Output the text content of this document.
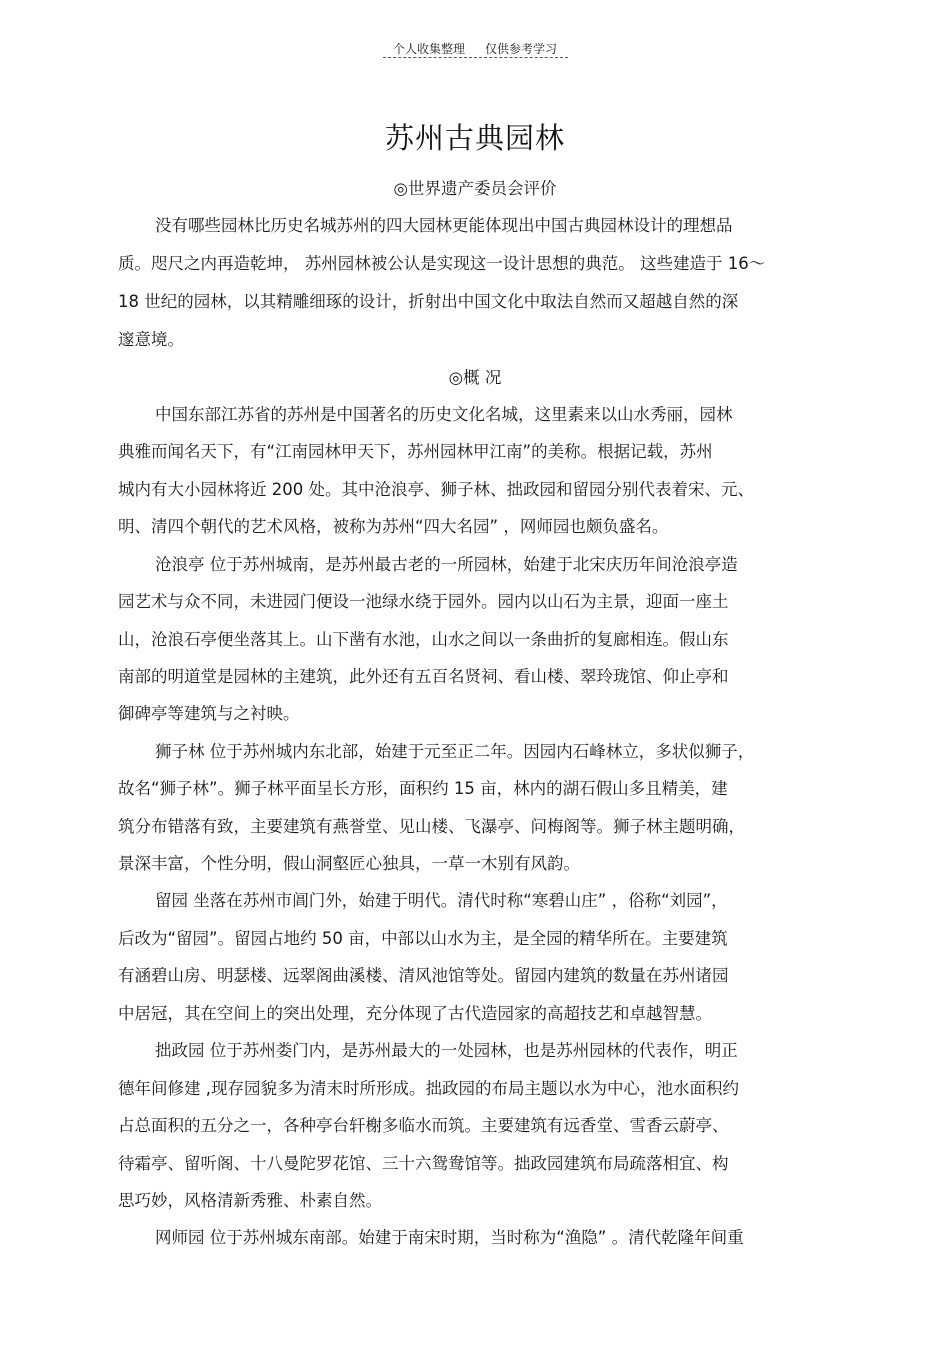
个人收集整理 仅供参考学习
苏州古典园林
◎世界遗产委员会评价
没有哪些园林比历史名城苏州的四大园林更能体现出中国古典园林设计的理想品
质。咫尺之内再造乾坤， 苏州园林被公认是实现这一设计思想的典范。 这些建造于 16～
18 世纪的园林，以其精雕细琢的设计，折射出中国文化中取法自然而又超越自然的深
邃意境。
◎概 况
中国东部江苏省的苏州是中国著名的历史文化名城，这里素来以山水秀丽，园林
典雅而闻名天下，有“江南园林甲天下，苏州园林甲江南”的美称。根据记载，苏州
城内有大小园林将近 200 处。其中沧浪亭、狮子林、拙政园和留园分别代表着宋、元、
明、清四个朝代的艺术风格，被称为苏州“四大名园” ，网师园也颇负盛名。
沧浪亭 位于苏州城南，是苏州最古老的一所园林，始建于北宋庆历年间沧浪亭造
园艺术与众不同，未进园门便设一池绿水绕于园外。园内以山石为主景，迎面一座土
山，沧浪石亭便坐落其上。山下凿有水池，山水之间以一条曲折的复廊相连。假山东
南部的明道堂是园林的主建筑，此外还有五百名贤祠、看山楼、翠玲珑馆、仰止亭和
御碑亭等建筑与之衬映。
狮子林 位于苏州城内东北部，始建于元至正二年。因园内石峰林立，多状似狮子，
故名“狮子林”。狮子林平面呈长方形，面积约 15 亩，林内的湖石假山多且精美，建
筑分布错落有致，主要建筑有燕誉堂、见山楼、飞瀑亭、问梅阁等。狮子林主题明确，
景深丰富，个性分明，假山洞壑匠心独具，一草一木别有风韵。
留园 坐落在苏州市阊门外，始建于明代。清代时称“寒碧山庄” ，俗称“刘园”，
后改为“留园”。留园占地约 50 亩，中部以山水为主，是全园的精华所在。主要建筑
有涵碧山房、明瑟楼、远翠阁曲溪楼、清风池馆等处。留园内建筑的数量在苏州诸园
中居冠，其在空间上的突出处理，充分体现了古代造园家的高超技艺和卓越智慧。
拙政园 位于苏州娄门内，是苏州最大的一处园林，也是苏州园林的代表作，明正
德年间修建 ,现存园貌多为清末时所形成。拙政园的布局主题以水为中心，池水面积约
占总面积的五分之一，各种亭台轩榭多临水而筑。主要建筑有远香堂、雪香云蔚亭、
待霜亭、留听阁、十八曼陀罗花馆、三十六鸳鸯馆等。拙政园建筑布局疏落相宜、构
思巧妙，风格清新秀雅、朴素自然。
网师园 位于苏州城东南部。始建于南宋时期，当时称为“渔隐” 。清代乾隆年间重
